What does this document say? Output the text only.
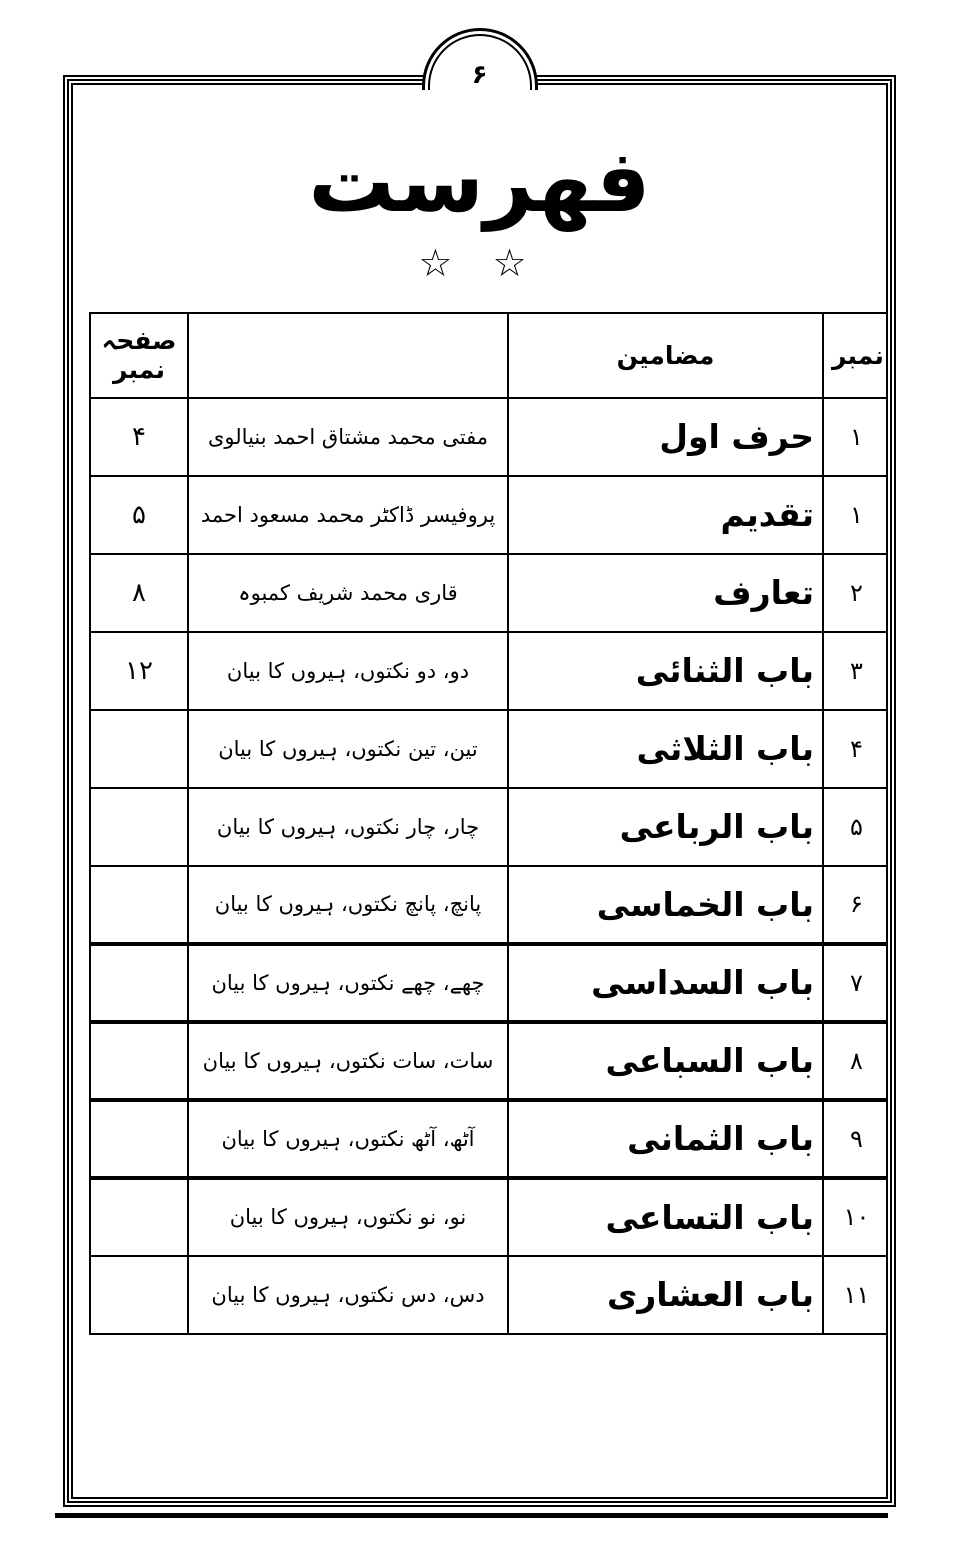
۶
فهرست
☆ ☆
صفحہ نمبر		مضامین	نمبر
۴	مفتی محمد مشتاق احمد بنیالوی	حرف اول	۱
۵	پروفیسر ڈاکٹر محمد مسعود احمد	تقدیم	۱
۸	قاری محمد شریف کمبوہ	تعارف	۲
۱۲	دو، دو نکتوں، ہیروں کا بیان	باب الثنائی	۳
	تین، تین نکتوں، ہیروں کا بیان	باب الثلاثی	۴
	چار، چار نکتوں، ہیروں کا بیان	باب الرباعی	۵
	پانچ، پانچ نکتوں، ہیروں کا بیان	باب الخماسی	۶
	چھے، چھے نکتوں، ہیروں کا بیان	باب السداسی	۷
	سات، سات نکتوں، ہیروں کا بیان	باب السباعی	۸
	آٹھ، آٹھ نکتوں، ہیروں کا بیان	باب الثمانی	۹
	نو، نو نکتوں، ہیروں کا بیان	باب التساعی	۱۰
	دس، دس نکتوں، ہیروں کا بیان	باب العشاری	۱۱
